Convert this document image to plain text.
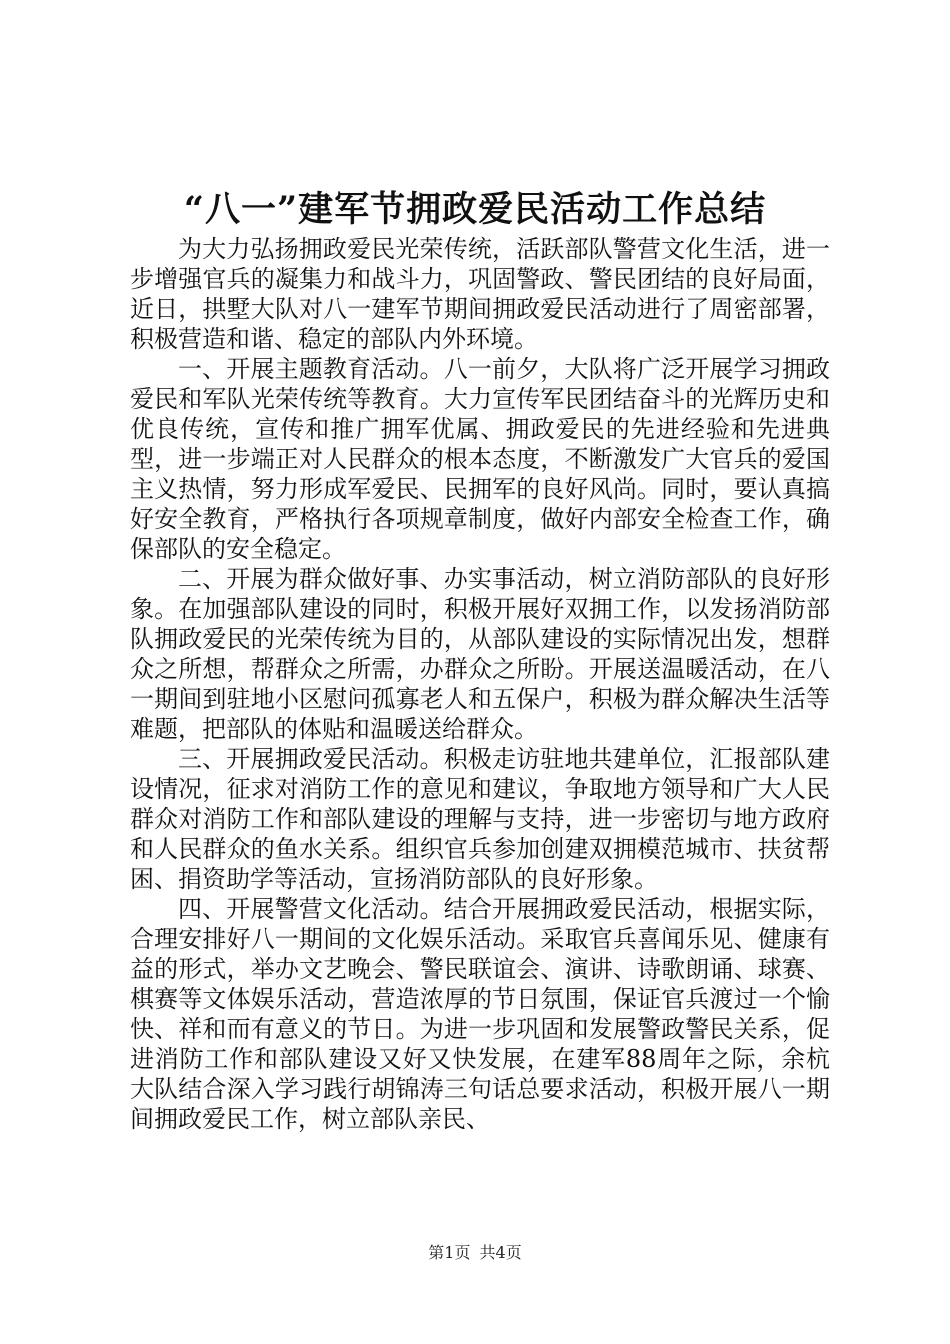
“八一”建军节拥政爱民活动工作总结

为大力弘扬拥政爱民光荣传统，活跃部队警营文化生活，进一步增强官兵的凝集力和战斗力，巩固警政、警民团结的良好局面，近日，拱墅大队对八一建军节期间拥政爱民活动进行了周密部署，积极营造和谐、稳定的部队内外环境。

一、开展主题教育活动。八一前夕，大队将广泛开展学习拥政爱民和军队光荣传统等教育。大力宣传军民团结奋斗的光辉历史和优良传统，宣传和推广拥军优属、拥政爱民的先进经验和先进典型，进一步端正对人民群众的根本态度，不断激发广大官兵的爱国主义热情，努力形成军爱民、民拥军的良好风尚。同时，要认真搞好安全教育，严格执行各项规章制度，做好内部安全检查工作，确保部队的安全稳定。

二、开展为群众做好事、办实事活动，树立消防部队的良好形象。在加强部队建设的同时，积极开展好双拥工作，以发扬消防部队拥政爱民的光荣传统为目的，从部队建设的实际情况出发，想群众之所想，帮群众之所需，办群众之所盼。开展送温暖活动，在八一期间到驻地小区慰问孤寡老人和五保户，积极为群众解决生活等难题，把部队的体贴和温暖送给群众。

三、开展拥政爱民活动。积极走访驻地共建单位，汇报部队建设情况，征求对消防工作的意见和建议，争取地方领导和广大人民群众对消防工作和部队建设的理解与支持，进一步密切与地方政府和人民群众的鱼水关系。组织官兵参加创建双拥模范城市、扶贫帮困、捐资助学等活动，宣扬消防部队的良好形象。

四、开展警营文化活动。结合开展拥政爱民活动，根据实际，合理安排好八一期间的文化娱乐活动。采取官兵喜闻乐见、健康有益的形式，举办文艺晚会、警民联谊会、演讲、诗歌朗诵、球赛、棋赛等文体娱乐活动，营造浓厚的节日氛围，保证官兵渡过一个愉快、祥和而有意义的节日。为进一步巩固和发展警政警民关系，促进消防工作和部队建设又好又快发展，在建军88周年之际，余杭大队结合深入学习践行胡锦涛三句话总要求活动，积极开展八一期间拥政爱民工作，树立部队亲民、

第1页 共4页
